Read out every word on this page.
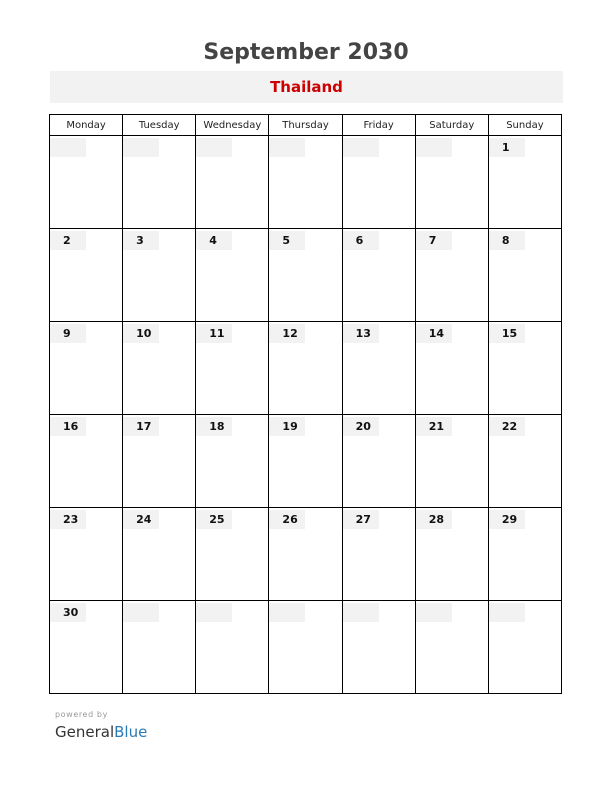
September 2030
Thailand
Monday	Tuesday	Wednesday	Thursday	Friday	Saturday	Sunday

						1

2	3	4	5	6	7	8

9	10	11	12	13	14	15

16	17	18	19	20	21	22

23	24	25	26	27	28	29

30						

powered by
GeneralBlue
